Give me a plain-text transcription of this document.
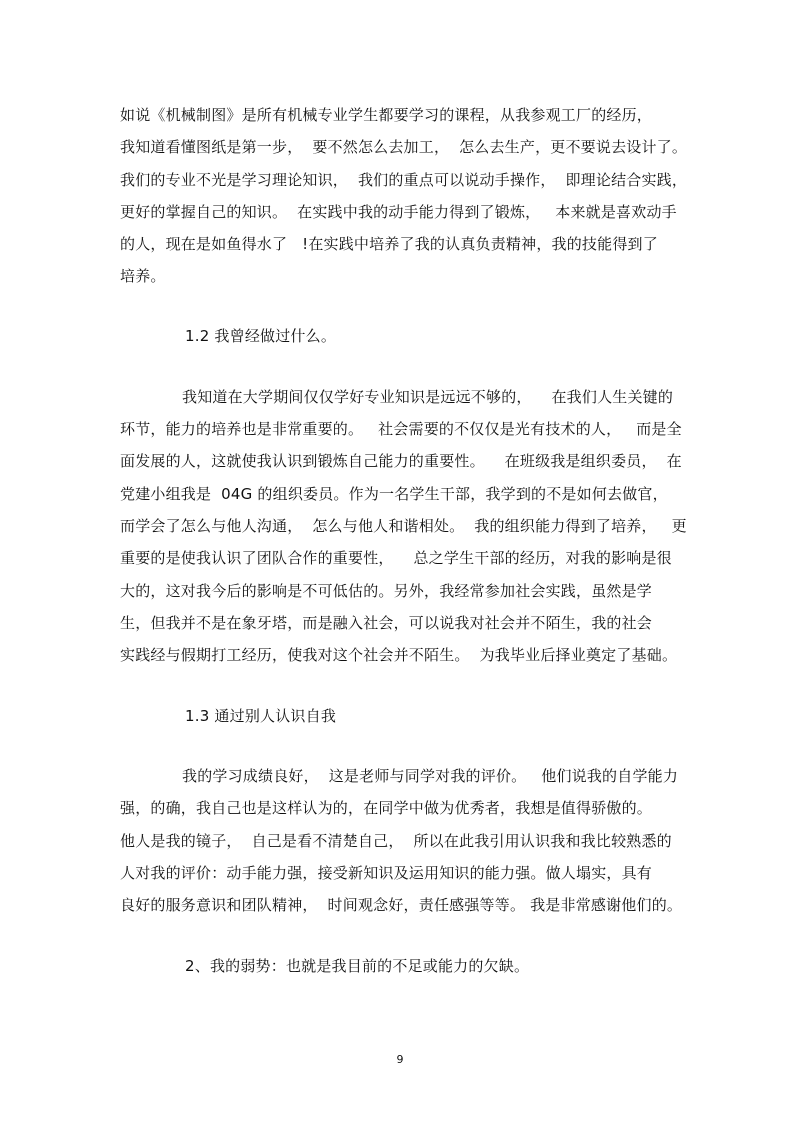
如说《机械制图》是所有机械专业学生都要学习的课程，从我参观工厂的经历，
我知道看懂图纸是第一步，  要不然怎么去加工，  怎么去生产，更不要说去设计了。
我们的专业不光是学习理论知识，  我们的重点可以说动手操作，  即理论结合实践，
更好的掌握自己的知识。  在实践中我的动手能力得到了锻炼，   本来就是喜欢动手
的人，现在是如鱼得水了   !在实践中培养了我的认真负责精神，我的技能得到了
培养。
1.2 我曾经做过什么。
我知道在大学期间仅仅学好专业知识是远远不够的，    在我们人生关键的
环节，能力的培养也是非常重要的。   社会需要的不仅仅是光有技术的人，   而是全
面发展的人，这就使我认识到锻炼自己能力的重要性。    在班级我是组织委员，  在
党建小组我是  04G 的组织委员。作为一名学生干部，我学到的不是如何去做官，
而学会了怎么与他人沟通，  怎么与他人和谐相处。  我的组织能力得到了培养，   更
重要的是使我认识了团队合作的重要性，    总之学生干部的经历，对我的影响是很
大的，这对我今后的影响是不可低估的。另外，我经常参加社会实践，虽然是学
生，但我并不是在象牙塔，而是融入社会，可以说我对社会并不陌生，我的社会
实践经与假期打工经历，使我对这个社会并不陌生。  为我毕业后择业奠定了基础。
1.3 通过别人认识自我
我的学习成绩良好，  这是老师与同学对我的评价。   他们说我的自学能力
强，的确，我自己也是这样认为的，在同学中做为优秀者，我想是值得骄傲的。
他人是我的镜子，  自己是看不清楚自己，  所以在此我引用认识我和我比较熟悉的
人对我的评价：动手能力强，接受新知识及运用知识的能力强。做人塌实，具有
良好的服务意识和团队精神，  时间观念好，责任感强等等。 我是非常感谢他们的。
2、我的弱势：也就是我目前的不足或能力的欠缺。
9
